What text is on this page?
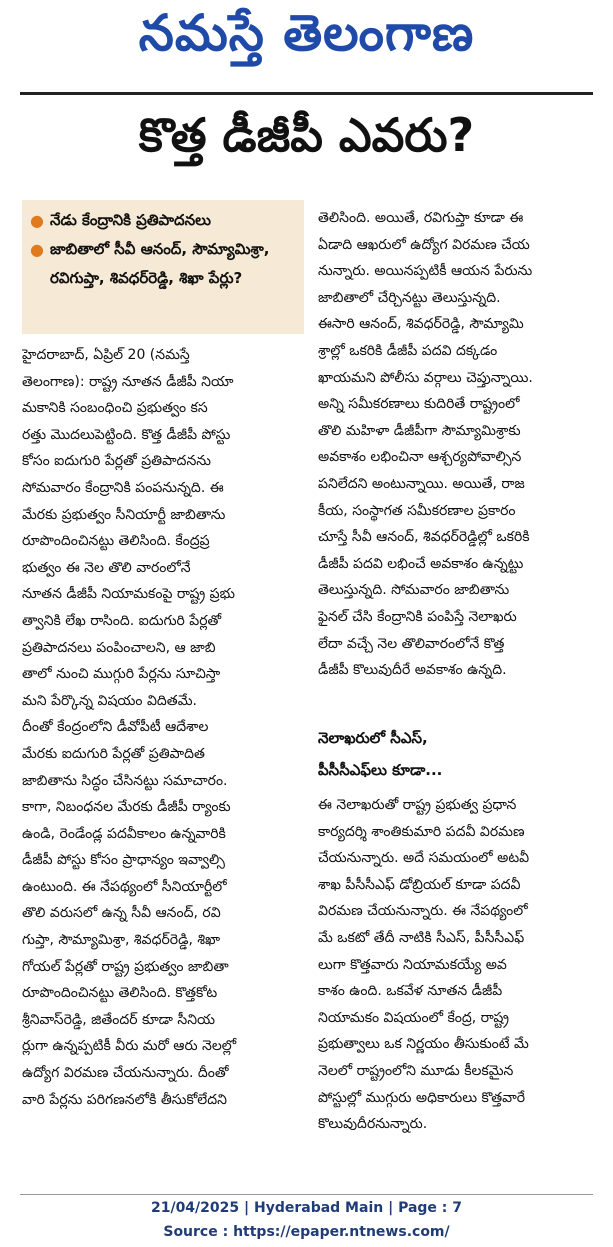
నమస్తే తెలంగాణ
కొత్త డీజీపీ ఎవరు?
● నేడు కేంద్రానికి ప్రతిపాదనలు
● జాబితాలో సీవీ ఆనంద్, సౌమ్యామిశ్రా, రవిగుప్తా, శివధర్‌రెడ్డి, శిఖా పేర్లు?
హైదరాబాద్, ఏప్రిల్ 20 (నమస్తే
తెలంగాణ): రాష్ట్ర నూతన డీజీపీ నియా
మకానికి సంబంధించి ప్రభుత్వం కస
రత్తు మొదలుపెట్టింది. కొత్త డీజీపీ పోస్టు
కోసం ఐదుగురి పేర్లతో ప్రతిపాదనను
సోమవారం కేంద్రానికి పంపనున్నది. ఈ
మేరకు ప్రభుత్వం సీనియార్టీ జాబితాను
రూపొందించినట్టు తెలిసింది. కేంద్రప్ర
భుత్వం ఈ నెల తొలి వారంలోనే
నూతన డీజీపీ నియామకంపై రాష్ట్ర ప్రభు
త్వానికి లేఖ రాసింది. ఐదుగురి పేర్లతో
ప్రతిపాదనలు పంపించాలని, ఆ జాబి
తాలో నుంచి ముగ్గురి పేర్లను సూచిస్తా
మని పేర్కొన్న విషయం విదితమే.
దీంతో కేంద్రంలోని డీవోపీటీ ఆదేశాల
మేరకు ఐదుగురి పేర్లతో ప్రతిపాదిత
జాబితాను సిద్ధం చేసినట్టు సమాచారం.
కాగా, నిబంధనల మేరకు డీజీపీ ర్యాంకు
ఉండి, రెండేండ్ల పదవీకాలం ఉన్నవారికి
డీజీపీ పోస్టు కోసం ప్రాధాన్యం ఇవ్వాల్సి
ఉంటుంది. ఈ నేపథ్యంలో సీనియార్టీలో
తొలి వరుసలో ఉన్న సీవీ ఆనంద్, రవి
గుప్తా, సౌమ్యామిశ్రా, శివధర్‌రెడ్డి, శిఖా
గోయల్ పేర్లతో రాష్ట్ర ప్రభుత్వం జాబితా
రూపొందించినట్టు తెలిసింది. కొత్తకోట
శ్రీనివాస్‌రెడ్డి, జితేందర్ కూడా సీనియ
ర్లుగా ఉన్నప్పటికీ వీరు మరో ఆరు నెలల్లో
ఉద్యోగ విరమణ చేయనున్నారు. దీంతో
వారి పేర్లను పరిగణనలోకి తీసుకోలేదని
తెలిసింది. అయితే, రవిగుప్తా కూడా ఈ
ఏడాది ఆఖరులో ఉద్యోగ విరమణ చేయ
నున్నారు. అయినప్పటికీ ఆయన పేరును
జాబితాలో చేర్చినట్టు తెలుస్తున్నది.
ఈసారి ఆనంద్, శివధర్‌రెడ్డి, సౌమ్యామి
శ్రాల్లో ఒకరికి డీజీపీ పదవి దక్కడం
ఖాయమని పోలీసు వర్గాలు చెప్తున్నాయి.
అన్ని సమీకరణాలు కుదిరితే రాష్ట్రంలో
తొలి మహిళా డీజీపీగా సౌమ్యామిశ్రాకు
అవకాశం లభించినా ఆశ్చర్యపోవాల్సిన
పనిలేదని అంటున్నాయి. అయితే, రాజ
కీయ, సంస్థాగత సమీకరణాల ప్రకారం
చూస్తే సీవీ ఆనంద్, శివధర్‌రెడ్డిల్లో ఒకరికి
డీజీపీ పదవి లభించే అవకాశం ఉన్నట్టు
తెలుస్తున్నది. సోమవారం జాబితాను
ఫైనల్ చేసి కేంద్రానికి పంపిస్తే నెలాఖరు
లేదా వచ్చే నెల తొలివారంలోనే కొత్త
డీజీపీ కొలువుదీరే అవకాశం ఉన్నది.
నెలాఖరులో సీఎస్,
పీసీసీఎఫ్‌లు కూడా...
ఈ నెలాఖరుతో రాష్ట్ర ప్రభుత్వ ప్రధాన
కార్యదర్శి శాంతికుమారి పదవీ విరమణ
చేయనున్నారు. అదే సమయంలో అటవీ
శాఖ పీసీసీఎఫ్ డోబ్రియల్ కూడా పదవీ
విరమణ చేయనున్నారు. ఈ నేపథ్యంలో
మే ఒకటో తేదీ నాటికి సీఎస్, పీసీసీఎఫ్
లుగా కొత్తవారు నియామకయ్యే అవ
కాశం ఉంది. ఒకవేళ నూతన డీజీపీ
నియామకం విషయంలో కేంద్ర, రాష్ట్ర
ప్రభుత్వాలు ఒక నిర్ణయం తీసుకుంటే మే
నెలలో రాష్ట్రంలోని మూడు కీలకమైన
పోస్టుల్లో ముగ్గురు అధికారులు కొత్తవారే
కొలువుదీరనున్నారు.
21/04/2025 | Hyderabad Main | Page : 7
Source : https://epaper.ntnews.com/
